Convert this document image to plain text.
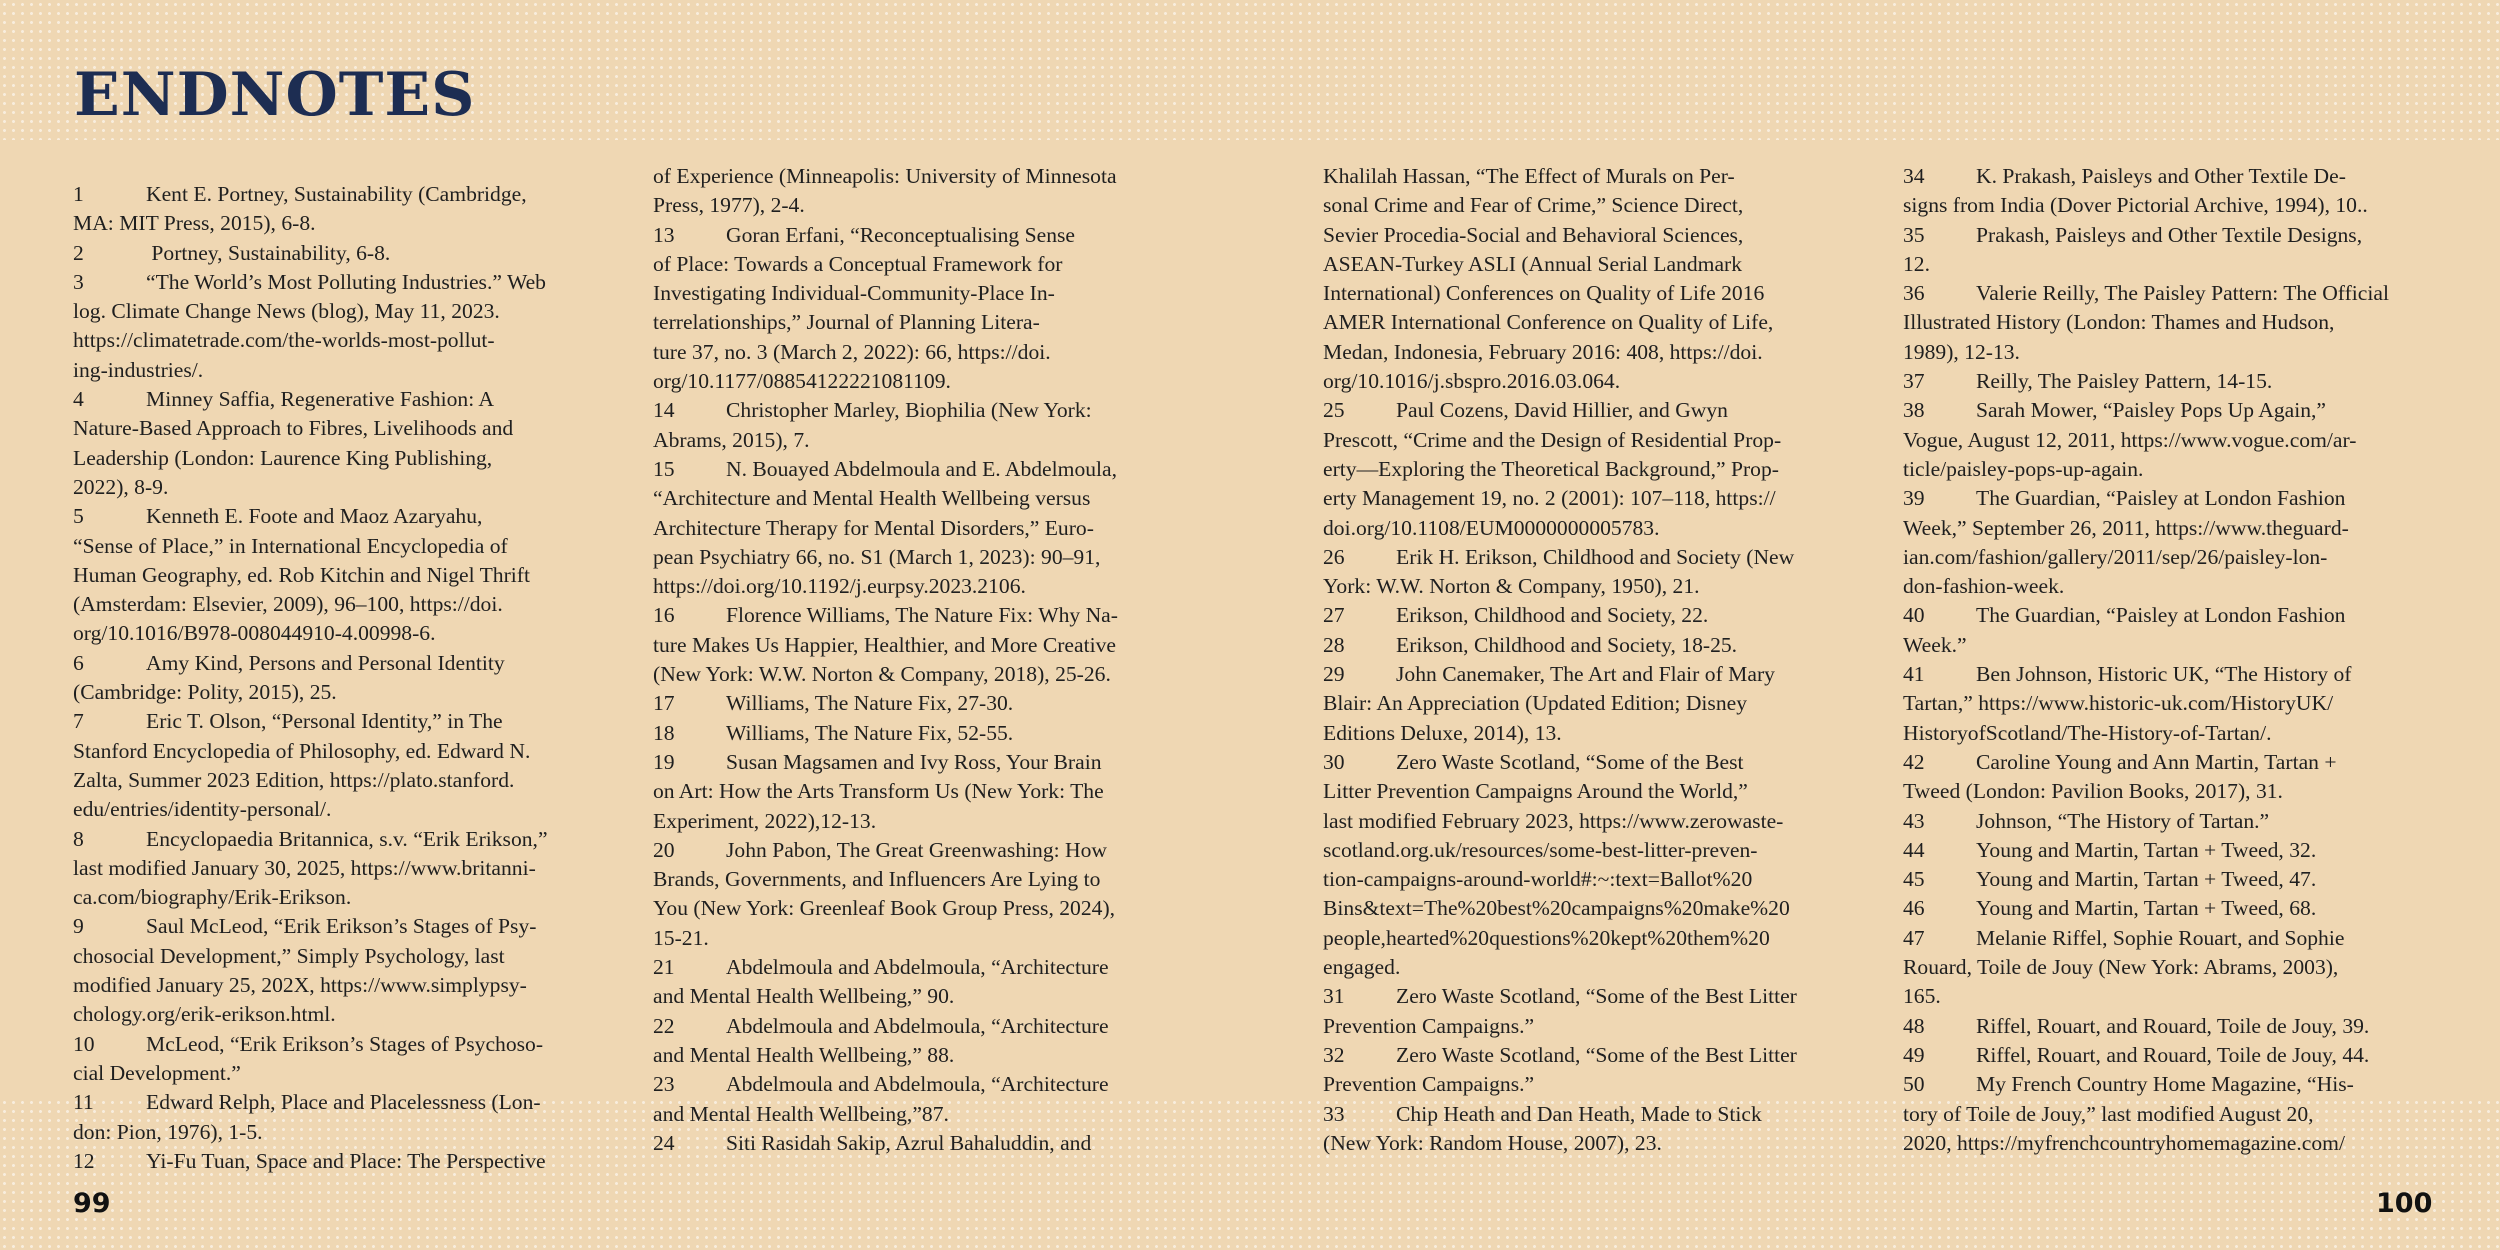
ENDNOTES

1	Kent E. Portney, Sustainability (Cambridge,

MA: MIT Press, 2015), 6-8.

2	Portney, Sustainability, 6-8.

3	“The World’s Most Polluting Industries.” Web

log. Climate Change News (blog), May 11, 2023.

https://climatetrade.com/the-worlds-most-pollut-

ing-industries/.

4	Minney Saffia, Regenerative Fashion: A

Nature-Based Approach to Fibres, Livelihoods and

Leadership (London: Laurence King Publishing,

2022), 8-9.

5	Kenneth E. Foote and Maoz Azaryahu,

“Sense of Place,” in International Encyclopedia of

Human Geography, ed. Rob Kitchin and Nigel Thrift

(Amsterdam: Elsevier, 2009), 96–100, https://doi.

org/10.1016/B978-008044910-4.00998-6.

6	Amy Kind, Persons and Personal Identity

(Cambridge: Polity, 2015), 25.

7	Eric T. Olson, “Personal Identity,” in The

Stanford Encyclopedia of Philosophy, ed. Edward N.

Zalta, Summer 2023 Edition, https://plato.stanford.

edu/entries/identity-personal/.

8	Encyclopaedia Britannica, s.v. “Erik Erikson,”

last modified January 30, 2025, https://www.britanni-

ca.com/biography/Erik-Erikson.

9	Saul McLeod, “Erik Erikson’s Stages of Psy-

chosocial Development,” Simply Psychology, last

modified January 25, 202X, https://www.simplypsy-

chology.org/erik-erikson.html.

10 McLeod, “Erik Erikson’s Stages of Psychoso-

cial Development.”

11 Edward Relph, Place and Placelessness (Lon-

don: Pion, 1976), 1-5.

12 Yi-Fu Tuan, Space and Place: The Perspective

of Experience (Minneapolis: University of Minnesota

Press, 1977), 2-4.

13 Goran Erfani, “Reconceptualising Sense

of Place: Towards a Conceptual Framework for

Investigating Individual-Community-Place In-

terrelationships,” Journal of Planning Litera-

ture 37, no. 3 (March 2, 2022): 66, https://doi.

org/10.1177/08854122221081109.

14 Christopher Marley, Biophilia (New York:

Abrams, 2015), 7.

15 N. Bouayed Abdelmoula and E. Abdelmoula,

“Architecture and Mental Health Wellbeing versus

Architecture Therapy for Mental Disorders,” Euro-

pean Psychiatry 66, no. S1 (March 1, 2023): 90–91,

https://doi.org/10.1192/j.eurpsy.2023.2106.

16 Florence Williams, The Nature Fix: Why Na-

ture Makes Us Happier, Healthier, and More Creative

(New York: W.W. Norton & Company, 2018), 25-26.

17 Williams, The Nature Fix, 27-30.

18 Williams, The Nature Fix, 52-55.

19 Susan Magsamen and Ivy Ross, Your Brain

on Art: How the Arts Transform Us (New York: The

Experiment, 2022),12-13.

20 John Pabon, The Great Greenwashing: How

Brands, Governments, and Influencers Are Lying to

You (New York: Greenleaf Book Group Press, 2024),

15-21.

21 Abdelmoula and Abdelmoula, “Architecture

and Mental Health Wellbeing,” 90.

22 Abdelmoula and Abdelmoula, “Architecture

and Mental Health Wellbeing,” 88.

23 Abdelmoula and Abdelmoula, “Architecture

and Mental Health Wellbeing,”87.

24 Siti Rasidah Sakip, Azrul Bahaluddin, and

Khalilah Hassan, “The Effect of Murals on Per-

sonal Crime and Fear of Crime,” Science Direct,

Sevier Procedia-Social and Behavioral Sciences,

ASEAN-Turkey ASLI (Annual Serial Landmark

International) Conferences on Quality of Life 2016

AMER International Conference on Quality of Life,

Medan, Indonesia, February 2016: 408, https://doi.

org/10.1016/j.sbspro.2016.03.064.

25 Paul Cozens, David Hillier, and Gwyn

Prescott, “Crime and the Design of Residential Prop-

erty—Exploring the Theoretical Background,” Prop-

erty Management 19, no. 2 (2001): 107–118, https://

doi.org/10.1108/EUM0000000005783.

26 Erik H. Erikson, Childhood and Society (New

York: W.W. Norton & Company, 1950), 21.

27 Erikson, Childhood and Society, 22.

28 Erikson, Childhood and Society, 18-25.

29 John Canemaker, The Art and Flair of Mary

Blair: An Appreciation (Updated Edition; Disney

Editions Deluxe, 2014), 13.

30 Zero Waste Scotland, “Some of the Best

Litter Prevention Campaigns Around the World,”

last modified February 2023, https://www.zerowaste-

scotland.org.uk/resources/some-best-litter-preven-

tion-campaigns-around-world#:~:text=Ballot%20

Bins&text=The%20best%20campaigns%20make%20

people,hearted%20questions%20kept%20them%20

engaged.

31 Zero Waste Scotland, “Some of the Best Litter

Prevention Campaigns.”

32 Zero Waste Scotland, “Some of the Best Litter

Prevention Campaigns.”

33 Chip Heath and Dan Heath, Made to Stick

(New York: Random House, 2007), 23.

34 K. Prakash, Paisleys and Other Textile De-

signs from India (Dover Pictorial Archive, 1994), 10..

35 Prakash, Paisleys and Other Textile Designs,

12.

36 Valerie Reilly, The Paisley Pattern: The Official

Illustrated History (London: Thames and Hudson,

1989), 12-13.

37 Reilly, The Paisley Pattern, 14-15.

38 Sarah Mower, “Paisley Pops Up Again,”

Vogue, August 12, 2011, https://www.vogue.com/ar-

ticle/paisley-pops-up-again.

39 The Guardian, “Paisley at London Fashion

Week,” September 26, 2011, https://www.theguard-

ian.com/fashion/gallery/2011/sep/26/paisley-lon-

don-fashion-week.

40 The Guardian, “Paisley at London Fashion

Week.”

41 Ben Johnson, Historic UK, “The History of

Tartan,” https://www.historic-uk.com/HistoryUK/

HistoryofScotland/The-History-of-Tartan/.

42 Caroline Young and Ann Martin, Tartan +

Tweed (London: Pavilion Books, 2017), 31.

43 Johnson, “The History of Tartan.”

44 Young and Martin, Tartan + Tweed, 32.

45 Young and Martin, Tartan + Tweed, 47.

46 Young and Martin, Tartan + Tweed, 68.

47 Melanie Riffel, Sophie Rouart, and Sophie

Rouard, Toile de Jouy (New York: Abrams, 2003),

165.

48 Riffel, Rouart, and Rouard, Toile de Jouy, 39.

49 Riffel, Rouart, and Rouard, Toile de Jouy, 44.

50 My French Country Home Magazine, “His-

tory of Toile de Jouy,” last modified August 20,

2020, https://myfrenchcountryhomemagazine.com/

99	100
